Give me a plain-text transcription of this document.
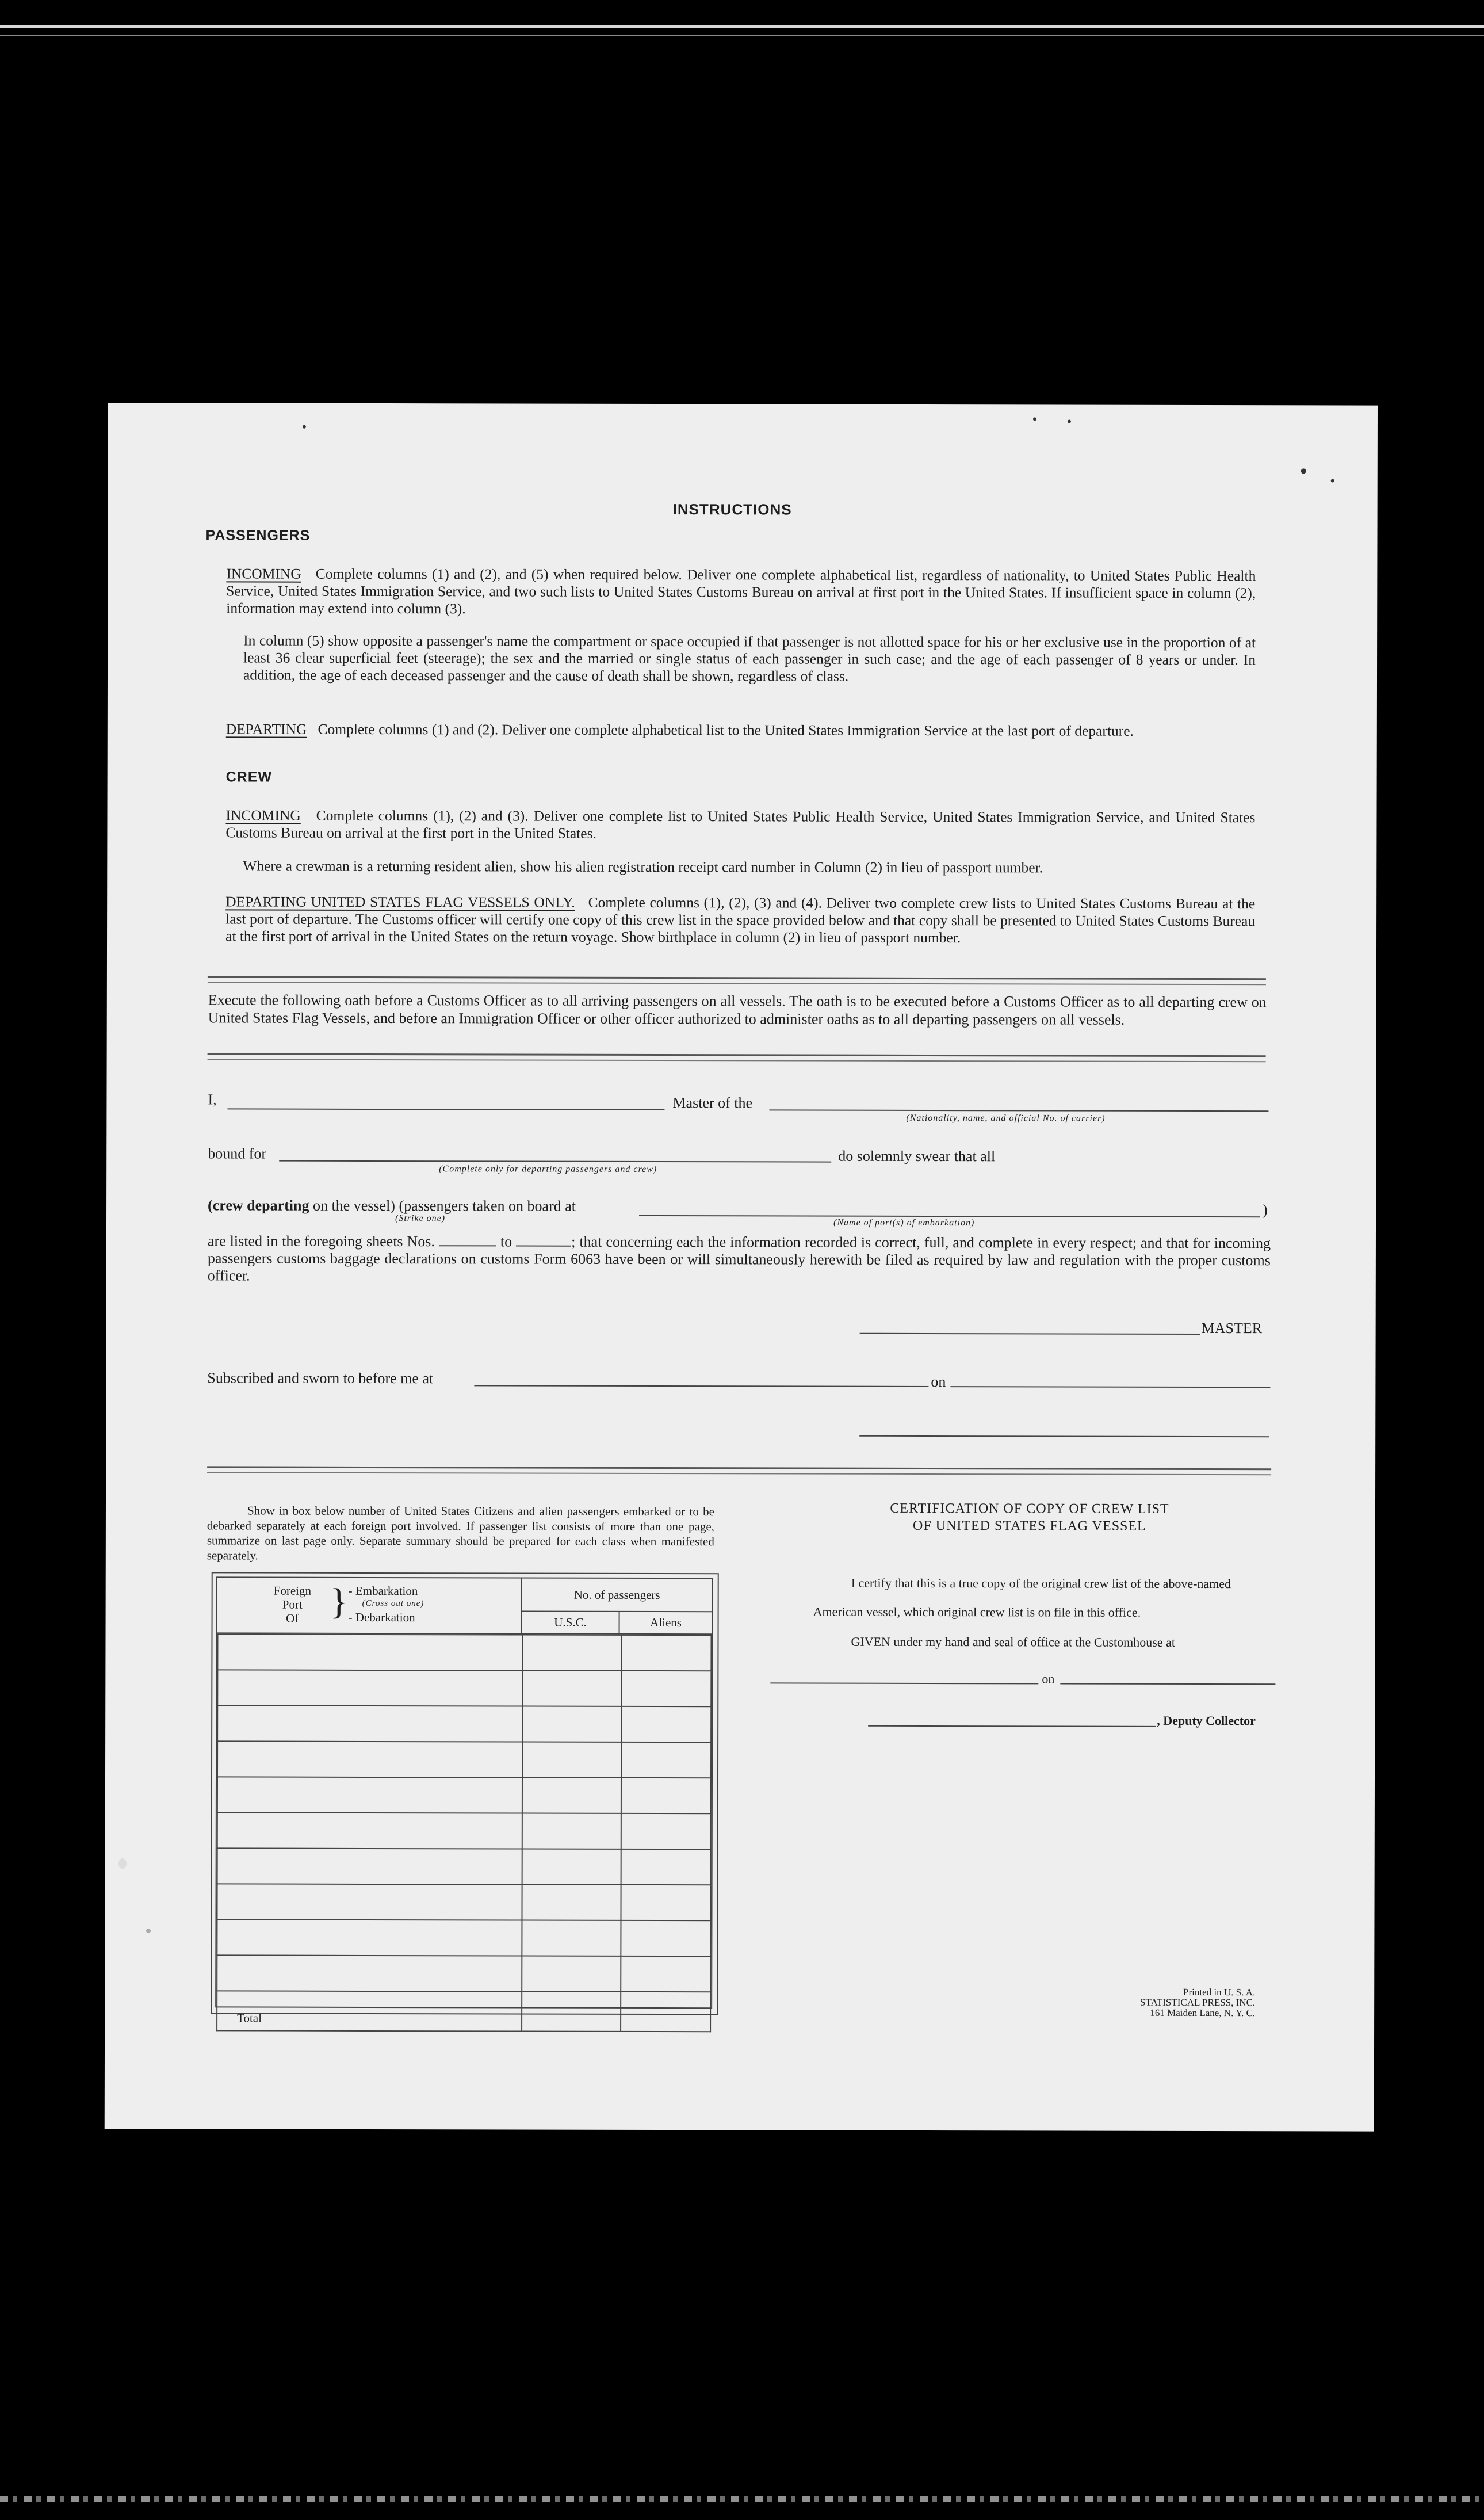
INSTRUCTIONS
PASSENGERS
INCOMING Complete columns (1) and (2), and (5) when required below. Deliver one complete alphabetical list, regardless of nationality, to United States Public Health Service, United States Immigration Service, and two such lists to United States Customs Bureau on arrival at first port in the United States. If insufficient space in column (2), information may extend into column (3).
In column (5) show opposite a passenger's name the compartment or space occupied if that passenger is not allotted space for his or her exclusive use in the proportion of at least 36 clear superficial feet (steerage); the sex and the married or single status of each passenger in such case; and the age of each passenger of 8 years or under. In addition, the age of each deceased passenger and the cause of death shall be shown, regardless of class.
DEPARTING Complete columns (1) and (2). Deliver one complete alphabetical list to the United States Immigration Service at the last port of departure.
CREW
INCOMING Complete columns (1), (2) and (3). Deliver one complete list to United States Public Health Service, United States Immigration Service, and United States Customs Bureau on arrival at the first port in the United States.
Where a crewman is a returning resident alien, show his alien registration receipt card number in Column (2) in lieu of passport number.
DEPARTING UNITED STATES FLAG VESSELS ONLY. Complete columns (1), (2), (3) and (4). Deliver two complete crew lists to United States Customs Bureau at the last port of departure. The Customs officer will certify one copy of this crew list in the space provided below and that copy shall be presented to United States Customs Bureau at the first port of arrival in the United States on the return voyage. Show birthplace in column (2) in lieu of passport number.
Execute the following oath before a Customs Officer as to all arriving passengers on all vessels. The oath is to be executed before a Customs Officer as to all departing crew on United States Flag Vessels, and before an Immigration Officer or other officer authorized to administer oaths as to all departing passengers on all vessels.
I,	Master of the
(Nationality, name, and official No. of carrier)
bound for
(Complete only for departing passengers and crew)
do solemnly swear that all
(crew departing on the vessel) (passengers taken on board at	)
(Strike one)	(Name of port(s) of embarkation)
are listed in the foregoing sheets Nos.	to	; that concerning each the information recorded is correct, full, and complete in every respect; and that for incoming passengers customs baggage declarations on customs Form 6063 have been or will simultaneously herewith be filed as required by law and regulation with the proper customs officer.
MASTER
Subscribed and sworn to before me at	on
Show in box below number of United States Citizens and alien passengers embarked or to be debarked separately at each foreign port involved. If passenger list consists of more than one page, summarize on last page only. Separate summary should be prepared for each class when manifested separately.
Foreign
Port
Of } - Embarkation
(Cross out one)
- Debarkation
No. of passengers
U.S.C.	Aliens

Total		
CERTIFICATION OF COPY OF CREW LIST
OF UNITED STATES FLAG VESSEL
I certify that this is a true copy of the original crew list of the above-named
American vessel, which original crew list is on file in this office.
GIVEN under my hand and seal of office at the Customhouse at
on
, Deputy Collector
Printed in U. S. A.
STATISTICAL PRESS, INC.
161 Maiden Lane, N. Y. C.
